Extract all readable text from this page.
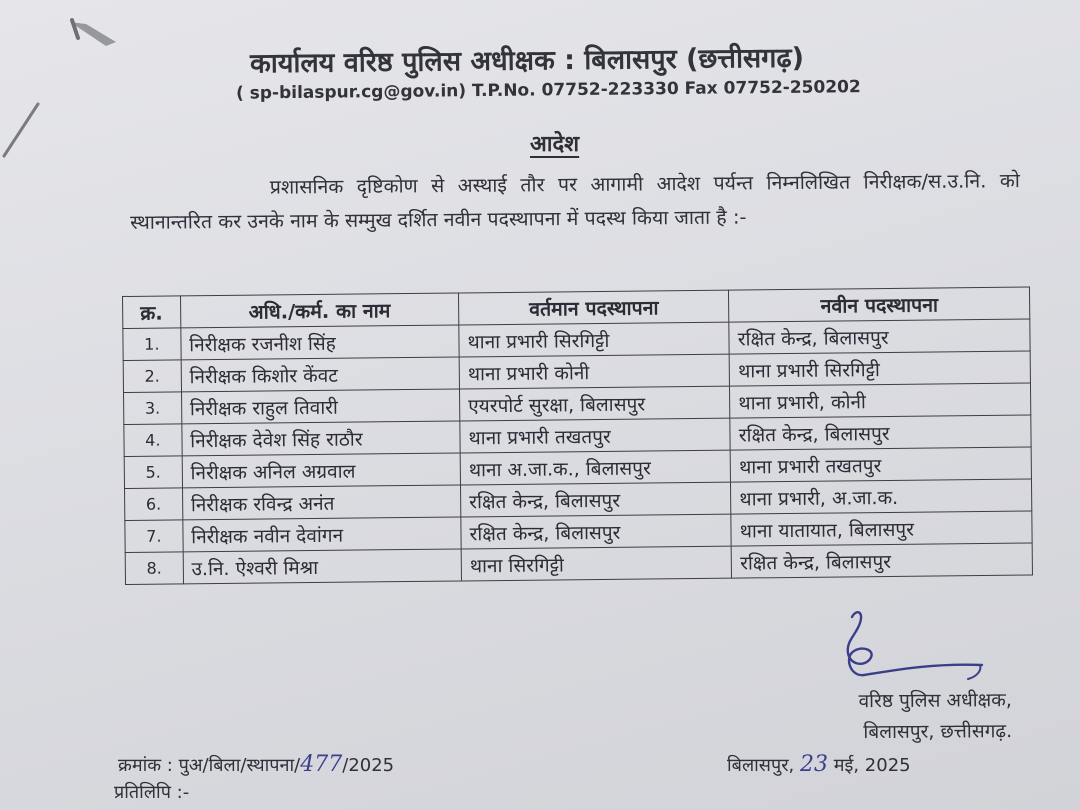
कार्यालय वरिष्ठ पुलिस अधीक्षक : बिलासपुर (छत्तीसगढ़)
( sp-bilaspur.cg@gov.in) T.P.No. 07752-223330 Fax 07752-250202
आदेश
प्रशासनिक दृष्टिकोण से अस्थाई तौर पर आगामी आदेश पर्यन्त निम्नलिखित निरीक्षक/स.उ.नि. को स्थानान्तरित कर उनके नाम के सम्मुख दर्शित नवीन पदस्थापना में पदस्थ किया जाता है :-
क्र.	अधि./कर्म. का नाम	वर्तमान पदस्थापना	नवीन पदस्थापना
1.	निरीक्षक रजनीश सिंह	थाना प्रभारी सिरगिट्टी	रक्षित केन्द्र, बिलासपुर
2.	निरीक्षक किशोर केंवट	थाना प्रभारी कोनी	थाना प्रभारी सिरगिट्टी
3.	निरीक्षक राहुल तिवारी	एयरपोर्ट सुरक्षा, बिलासपुर	थाना प्रभारी, कोनी
4.	निरीक्षक देवेश सिंह राठौर	थाना प्रभारी तखतपुर	रक्षित केन्द्र, बिलासपुर
5.	निरीक्षक अनिल अग्रवाल	थाना अ.जा.क., बिलासपुर	थाना प्रभारी तखतपुर
6.	निरीक्षक रविन्द्र अनंत	रक्षित केन्द्र, बिलासपुर	थाना प्रभारी, अ.जा.क.
7.	निरीक्षक नवीन देवांगन	रक्षित केन्द्र, बिलासपुर	थाना यातायात, बिलासपुर
8.	उ.नि. ऐश्वरी मिश्रा	थाना सिरगिट्टी	रक्षित केन्द्र, बिलासपुर
वरिष्ठ पुलिस अधीक्षक,
बिलासपुर, छत्तीसगढ़.
क्रमांक : पुअ/बिला/स्थापना/477/2025	बिलासपुर, 23 मई, 2025
प्रतिलिपि :-
